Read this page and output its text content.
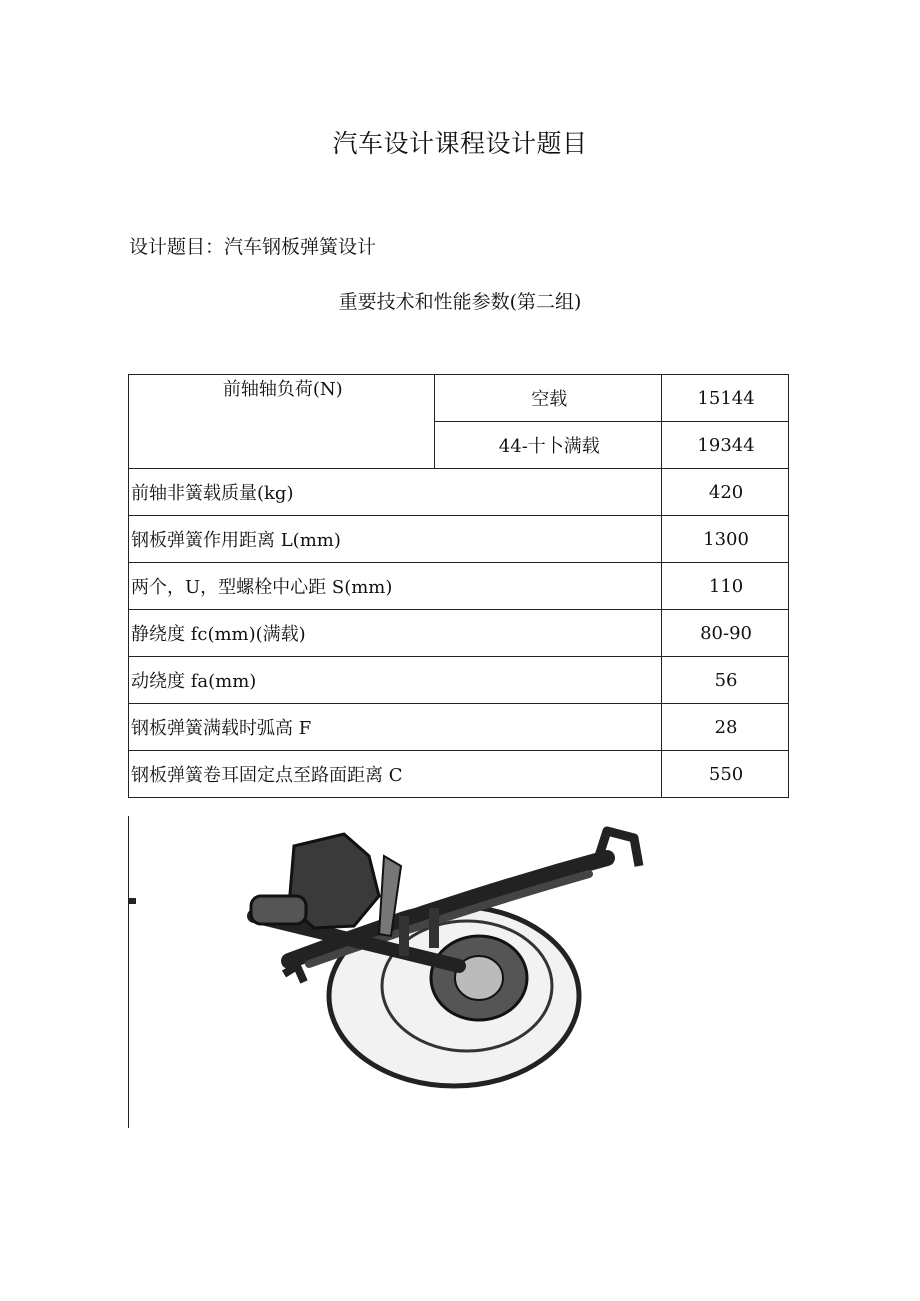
汽车设计课程设计题目
设计题目：汽车钢板弹簧设计
重要技术和性能参数(第二组)
前轴轴负荷(N)	空载	15144
	44-十卜满载	19344
前轴非簧载质量(kg)		420
钢板弹簧作用距离 L(mm)		1300
两个，U，型螺栓中心距 S(mm)		110
静绕度 fc(mm)(满载)		80-90
动绕度 fa(mm)		56
钢板弹簧满载时弧高 F		28
钢板弹簧卷耳固定点至路面距离 C		550
